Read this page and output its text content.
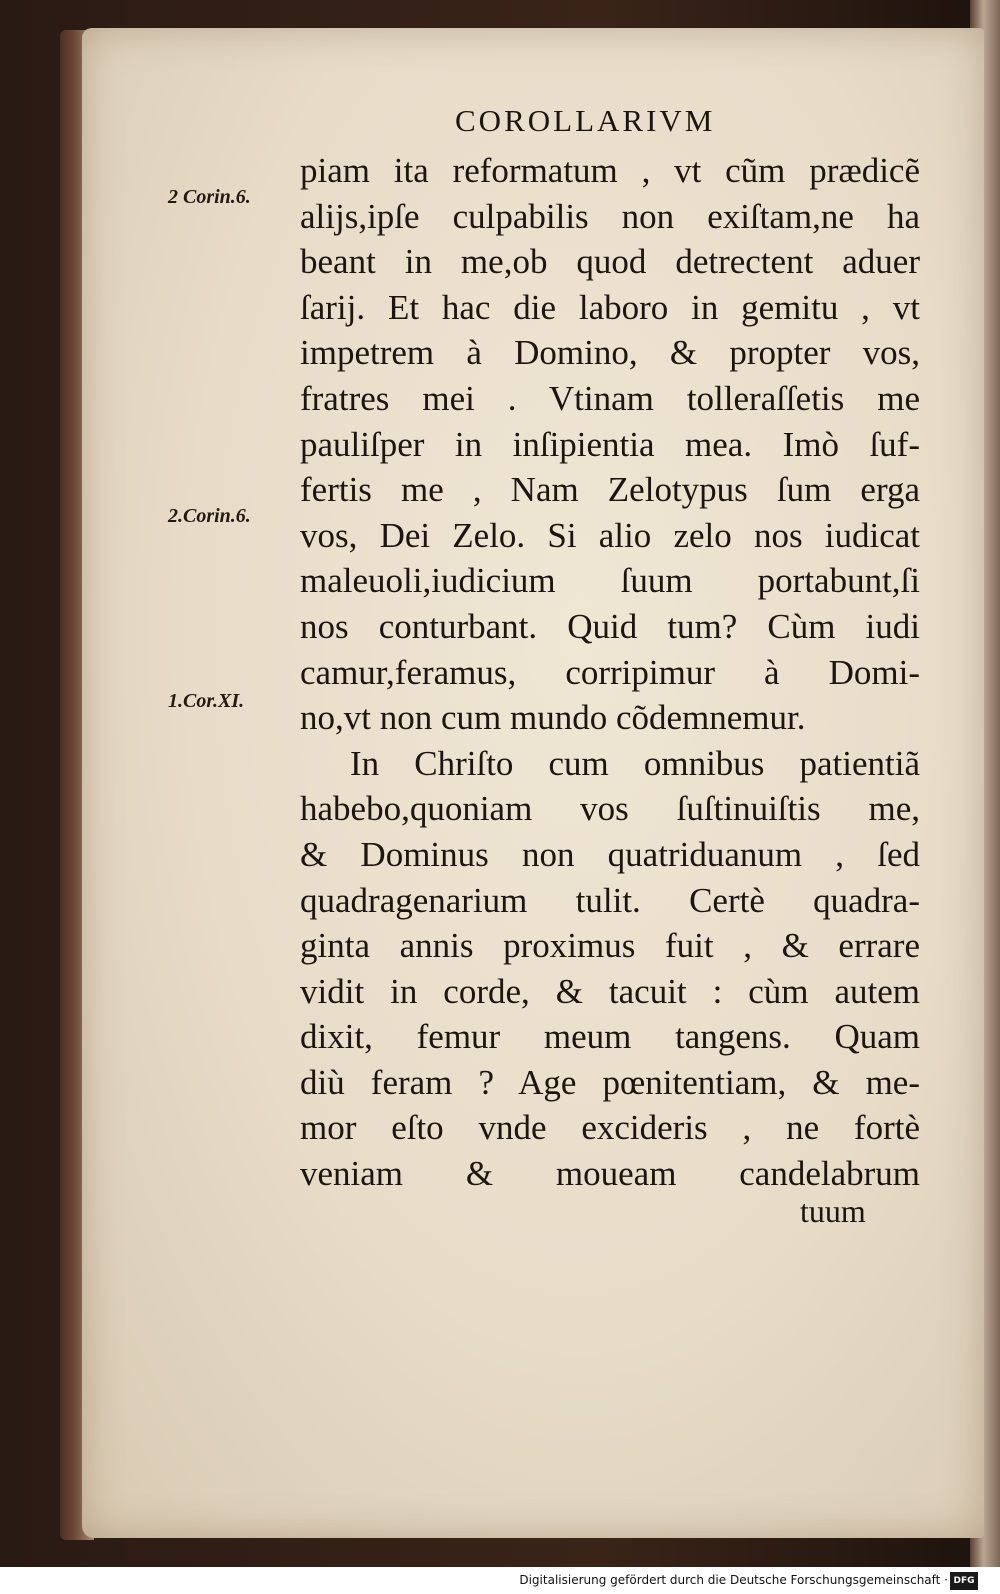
COROLLARIVM
2 Corin.6.
2.Corin.6.
1.Cor.XI.
piam ita reformatum , vt cũm prædicẽ
alijs,ipſe culpabilis non exiſtam,ne ha
beant in me,ob quod detrectent aduer
ſarij. Et hac die laboro in gemitu , vt
impetrem à Domino, & propter vos,
fratres mei . Vtinam tolleraſſetis me
pauliſper in inſipientia mea. Imò ſuf-
fertis me , Nam Zelotypus ſum erga
vos, Dei Zelo. Si alio zelo nos iudicat
maleuoli,iudicium ſuum portabunt,ſi
nos conturbant. Quid tum? Cùm iudi
camur,feramus, corripimur à Domi-
no,vt non cum mundo cõdemnemur.
In Chriſto cum omnibus patientiã
habebo,quoniam vos ſuſtinuiſtis me,
& Dominus non quatriduanum , ſed
quadragenarium tulit. Certè quadra-
ginta annis proximus fuit , & errare
vidit in corde, & tacuit : cùm autem
dixit, femur meum tangens. Quam
diù feram ? Age pœnitentiam, & me-
mor eſto vnde excideris , ne fortè
veniam & moueam candelabrum
tuum
Digitalisierung gefördert durch die Deutsche Forschungsgemeinschaft · DFG
